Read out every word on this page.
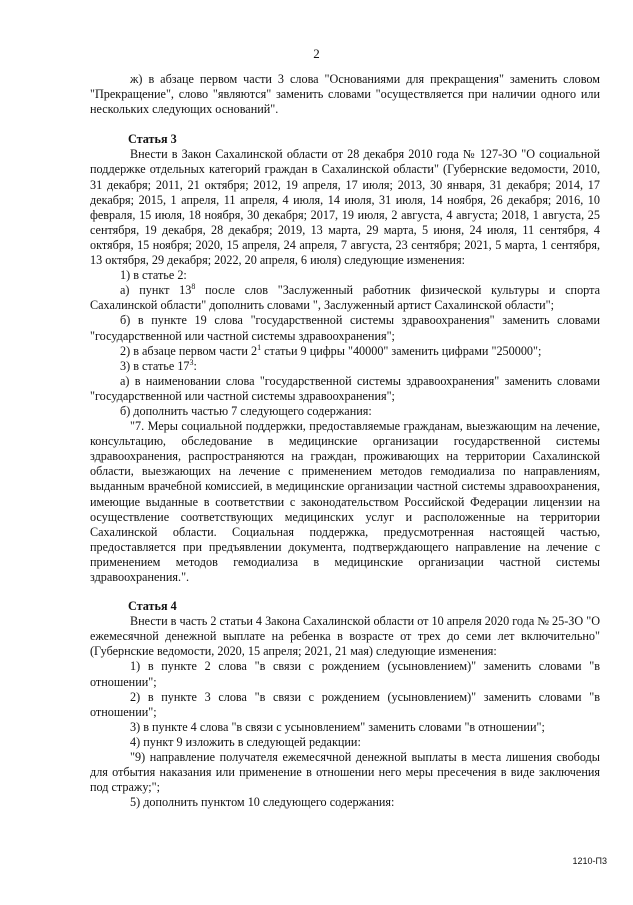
2

ж) в абзаце первом части 3 слова "Основаниями для прекращения" заменить словом "Прекращение", слово "являются" заменить словами "осуществляется при наличии одного или нескольких следующих оснований".

Статья 3

Внести в Закон Сахалинской области от 28 декабря 2010 года № 127-ЗО "О социальной поддержке отдельных категорий граждан в Сахалинской области" (Губернские ведомости, 2010, 31 декабря; 2011, 21 октября; 2012, 19 апреля, 17 июля; 2013, 30 января, 31 декабря; 2014, 17 декабря; 2015, 1 апреля, 11 апреля, 4 июля, 14 июля, 31 июля, 14 ноября, 26 декабря; 2016, 10 февраля, 15 июля, 18 ноября, 30 декабря; 2017, 19 июля, 2 августа, 4 августа; 2018, 1 августа, 25 сентября, 19 декабря, 28 декабря; 2019, 13 марта, 29 марта, 5 июня, 24 июля, 11 сентября, 4 октября, 15 ноября; 2020, 15 апреля, 24 апреля, 7 августа, 23 сентября; 2021, 5 марта, 1 сентября, 13 октября, 29 декабря; 2022, 20 апреля, 6 июля) следующие изменения:

1) в статье 2:

а) пункт $13^8$ после слов "Заслуженный работник физической культуры и спорта Сахалинской области" дополнить словами ", Заслуженный артист Сахалинской области";

б) в пункте 19 слова "государственной системы здравоохранения" заменить словами "государственной или частной системы здравоохранения";

2) в абзаце первом части $2^1$ статьи 9 цифры "40000" заменить цифрами "250000";

3) в статье $17^3$:

а) в наименовании слова "государственной системы здравоохранения" заменить словами "государственной или частной системы здравоохранения";

б) дополнить частью 7 следующего содержания:

"7. Меры социальной поддержки, предоставляемые гражданам, выезжающим на лечение, консультацию, обследование в медицинские организации государственной системы здравоохранения, распространяются на граждан, проживающих на территории Сахалинской области, выезжающих на лечение с применением методов гемодиализа по направлениям, выданным врачебной комиссией, в медицинские организации частной системы здравоохранения, имеющие выданные в соответствии с законодательством Российской Федерации лицензии на осуществление соответствующих медицинских услуг и расположенные на территории Сахалинской области. Социальная поддержка, предусмотренная настоящей частью, предоставляется при предъявлении документа, подтверждающего направление на лечение с применением методов гемодиализа в медицинские организации частной системы здравоохранения.".

Статья 4

Внести в часть 2 статьи 4 Закона Сахалинской области от 10 апреля 2020 года № 25-ЗО "О ежемесячной денежной выплате на ребенка в возрасте от трех до семи лет включительно" (Губернские ведомости, 2020, 15 апреля; 2021, 21 мая) следующие изменения:

1) в пункте 2 слова "в связи с рождением (усыновлением)" заменить словами "в отношении";

2) в пункте 3 слова "в связи с рождением (усыновлением)" заменить словами "в отношении";

3) в пункте 4 слова "в связи с усыновлением" заменить словами "в отношении";

4) пункт 9 изложить в следующей редакции:

"9) направление получателя ежемесячной денежной выплаты в места лишения свободы для отбытия наказания или применение в отношении него меры пресечения в виде заключения под стражу;";

5) дополнить пунктом 10 следующего содержания:

1210-П3
